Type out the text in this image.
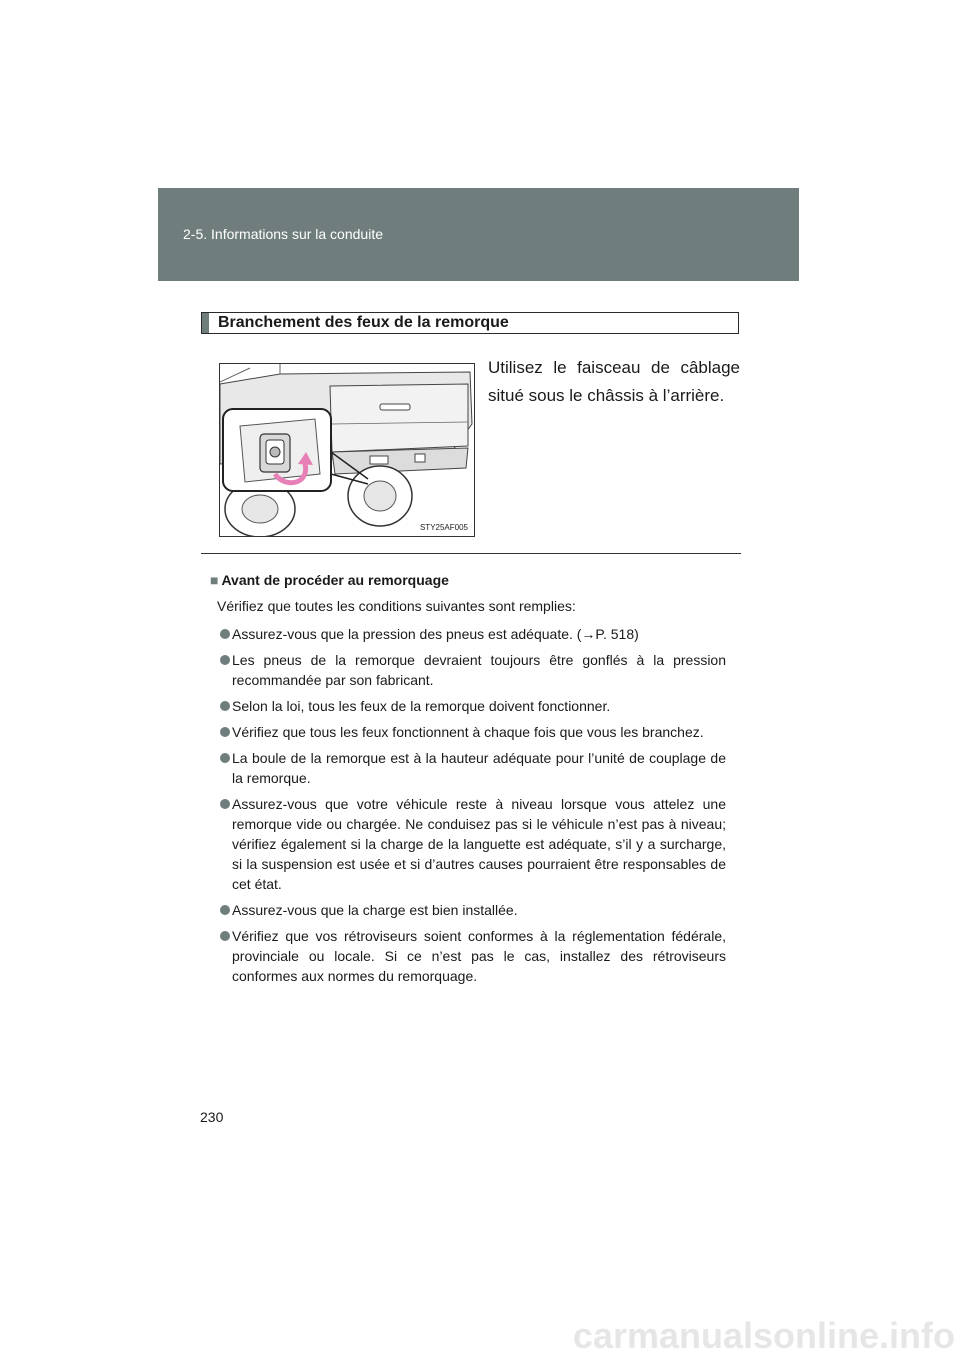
2-5. Informations sur la conduite
Branchement des feux de la remorque
STY25AF005
Utilisez le faisceau de câblage situé sous le châssis à l’arrière.
■ Avant de procéder au remorquage
Vérifiez que toutes les conditions suivantes sont remplies:
Assurez-vous que la pression des pneus est adéquate. (→P. 518)
Les pneus de la remorque devraient toujours être gonflés à la pression recommandée par son fabricant.
Selon la loi, tous les feux de la remorque doivent fonctionner.
Vérifiez que tous les feux fonctionnent à chaque fois que vous les branchez.
La boule de la remorque est à la hauteur adéquate pour l’unité de couplage de la remorque.
Assurez-vous que votre véhicule reste à niveau lorsque vous attelez une remorque vide ou chargée. Ne conduisez pas si le véhicule n’est pas à niveau; vérifiez également si la charge de la languette est adéquate, s’il y a surcharge, si la suspension est usée et si d’autres causes pourraient être responsables de cet état.
Assurez-vous que la charge est bien installée.
Vérifiez que vos rétroviseurs soient conformes à la réglementation fédérale, provinciale ou locale. Si ce n’est pas le cas, installez des rétroviseurs conformes aux normes du remorquage.
230
carmanualsonline.info
